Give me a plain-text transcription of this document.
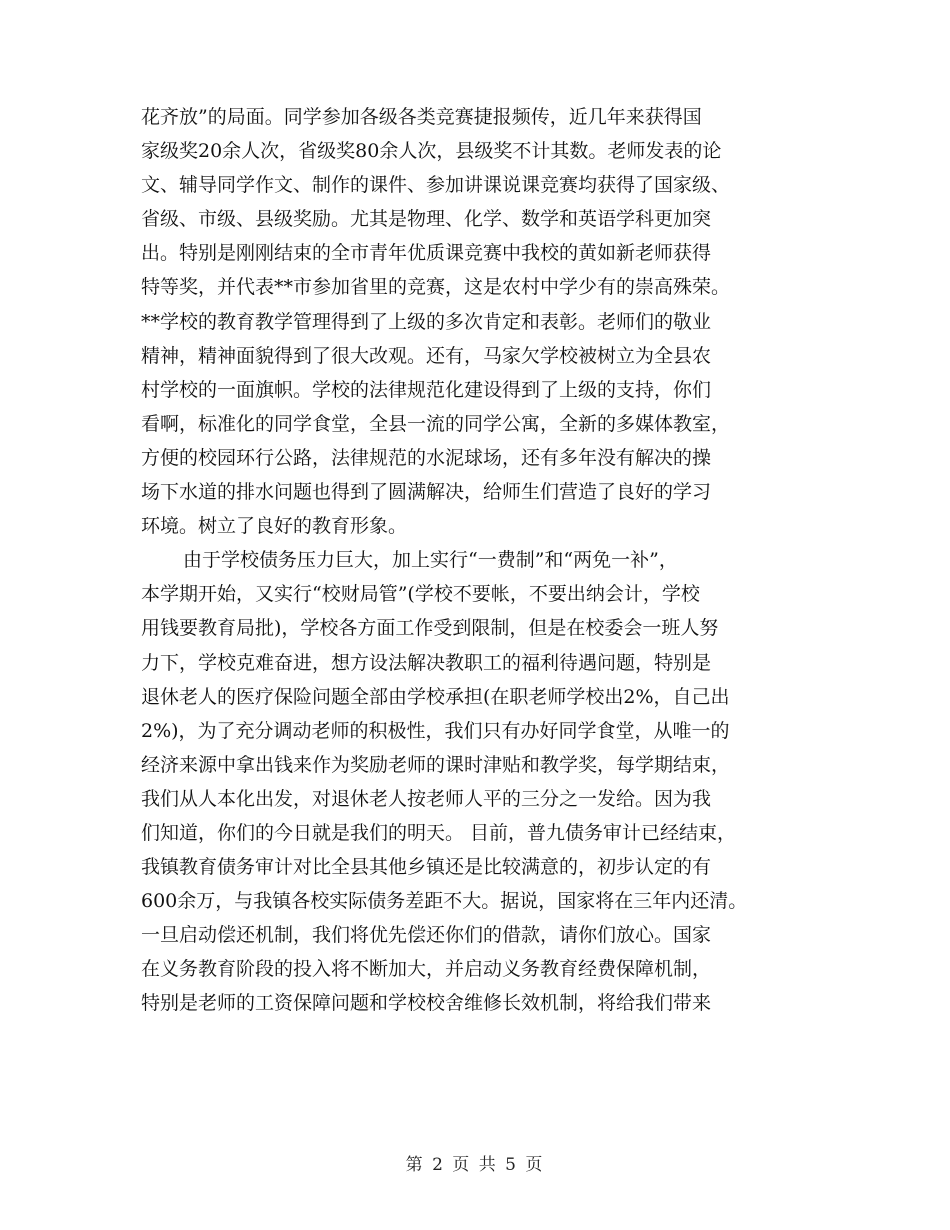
花齐放”的局面。同学参加各级各类竞赛捷报频传，近几年来获得国
家级奖20余人次，省级奖80余人次，县级奖不计其数。老师发表的论
文、辅导同学作文、制作的课件、参加讲课说课竞赛均获得了国家级、
省级、市级、县级奖励。尤其是物理、化学、数学和英语学科更加突
出。特别是刚刚结束的全市青年优质课竞赛中我校的黄如新老师获得
特等奖，并代表**市参加省里的竞赛，这是农村中学少有的崇高殊荣。
**学校的教育教学管理得到了上级的多次肯定和表彰。老师们的敬业
精神，精神面貌得到了很大改观。还有，马家欠学校被树立为全县农
村学校的一面旗帜。学校的法律规范化建设得到了上级的支持，你们
看啊，标准化的同学食堂，全县一流的同学公寓，全新的多媒体教室，
方便的校园环行公路，法律规范的水泥球场，还有多年没有解决的操
场下水道的排水问题也得到了圆满解决，给师生们营造了良好的学习
环境。树立了良好的教育形象。
由于学校债务压力巨大，加上实行“一费制”和“两免一补”，
本学期开始，又实行“校财局管”(学校不要帐，不要出纳会计，学校
用钱要教育局批)，学校各方面工作受到限制，但是在校委会一班人努
力下，学校克难奋进，想方设法解决教职工的福利待遇问题，特别是
退休老人的医疗保险问题全部由学校承担(在职老师学校出2%，自己出
2%)，为了充分调动老师的积极性，我们只有办好同学食堂，从唯一的
经济来源中拿出钱来作为奖励老师的课时津贴和教学奖，每学期结束，
我们从人本化出发，对退休老人按老师人平的三分之一发给。因为我
们知道，你们的今日就是我们的明天。 目前，普九债务审计已经结束，
我镇教育债务审计对比全县其他乡镇还是比较满意的，初步认定的有
600余万，与我镇各校实际债务差距不大。据说，国家将在三年内还清。
一旦启动偿还机制，我们将优先偿还你们的借款，请你们放心。国家
在义务教育阶段的投入将不断加大，并启动义务教育经费保障机制，
特别是老师的工资保障问题和学校校舍维修长效机制，将给我们带来
第 2 页 共 5 页
